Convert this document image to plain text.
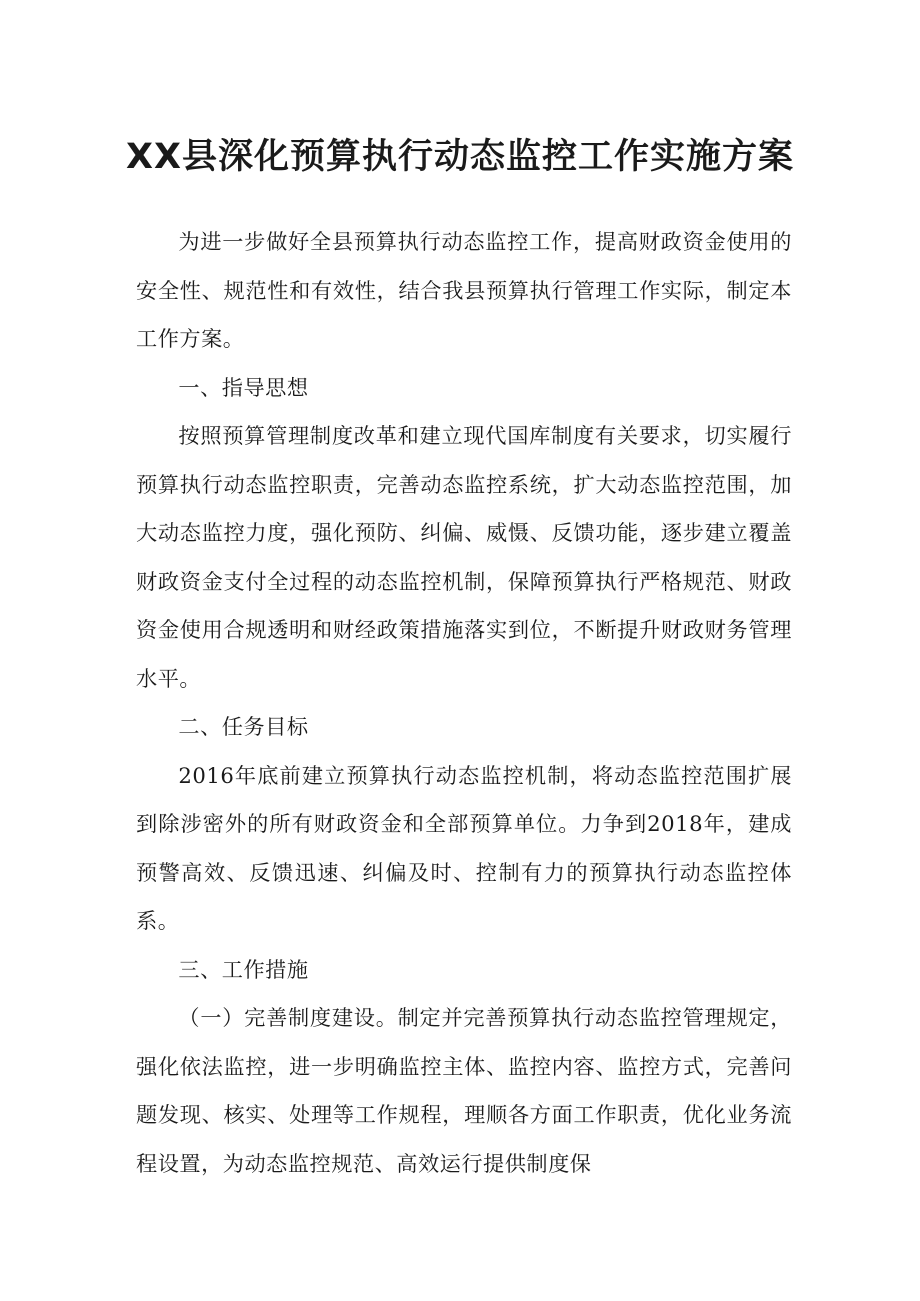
XX县深化预算执行动态监控工作实施方案

为进一步做好全县预算执行动态监控工作，提高财政资金使用的安全性、规范性和有效性，结合我县预算执行管理工作实际，制定本工作方案。

一、指导思想

按照预算管理制度改革和建立现代国库制度有关要求，切实履行预算执行动态监控职责，完善动态监控系统，扩大动态监控范围，加大动态监控力度，强化预防、纠偏、威慑、反馈功能，逐步建立覆盖财政资金支付全过程的动态监控机制，保障预算执行严格规范、财政资金使用合规透明和财经政策措施落实到位，不断提升财政财务管理水平。

二、任务目标

2016年底前建立预算执行动态监控机制，将动态监控范围扩展到除涉密外的所有财政资金和全部预算单位。力争到2018年，建成预警高效、反馈迅速、纠偏及时、控制有力的预算执行动态监控体系。

三、工作措施

（一）完善制度建设。制定并完善预算执行动态监控管理规定，强化依法监控，进一步明确监控主体、监控内容、监控方式，完善问题发现、核实、处理等工作规程，理顺各方面工作职责，优化业务流程设置，为动态监控规范、高效运行提供制度保
